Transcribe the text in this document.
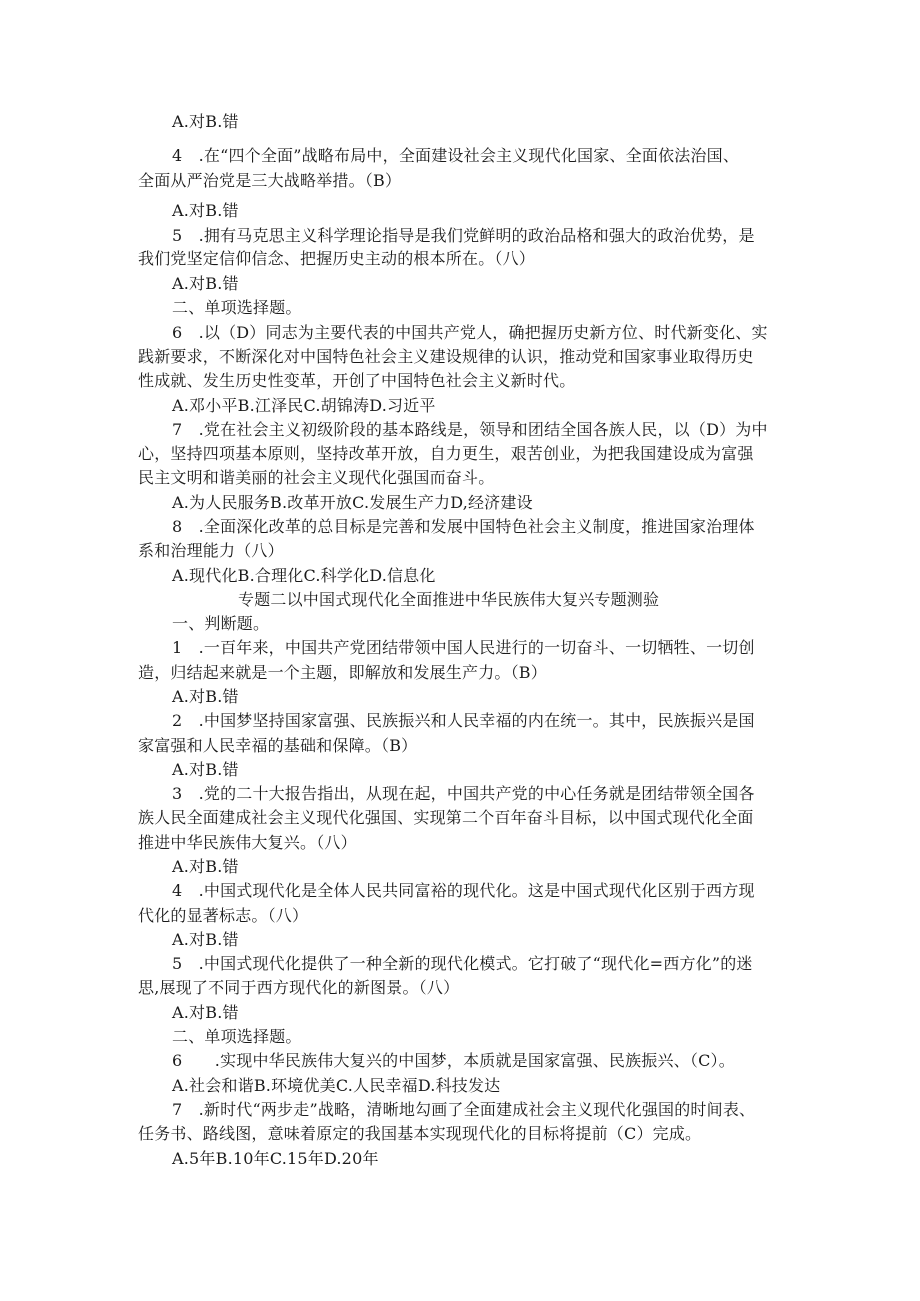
A.对B.错
4　.在“四个全面”战略布局中，全面建设社会主义现代化国家、全面依法治国、
全面从严治党是三大战略举措。（B）
A.对B.错
5　.拥有马克思主义科学理论指导是我们党鲜明的政治品格和强大的政治优势，是
我们党坚定信仰信念、把握历史主动的根本所在。（八）
A.对B.错
二、单项选择题。
6　.以（D）同志为主要代表的中国共产党人，确把握历史新方位、时代新变化、实
践新要求，不断深化对中国特色社会主义建设规律的认识，推动党和国家事业取得历史
性成就、发生历史性变革，开创了中国特色社会主义新时代。
A.邓小平B.江泽民C.胡锦涛D.习近平
7　.党在社会主义初级阶段的基本路线是，领导和团结全国各族人民，以（D）为中
心，坚持四项基本原则，坚持改革开放，自力更生，艰苦创业，为把我国建设成为富强
民主文明和谐美丽的社会主义现代化强国而奋斗。
A.为人民服务B.改革开放C.发展生产力D,经济建设
8　.全面深化改革的总目标是完善和发展中国特色社会主义制度，推进国家治理体
系和治理能力（八）
A.现代化B.合理化C.科学化D.信息化
专题二以中国式现代化全面推进中华民族伟大复兴专题测验
一、判断题。
1　.一百年来，中国共产党团结带领中国人民进行的一切奋斗、一切牺牲、一切创
造，归结起来就是一个主题，即解放和发展生产力。（B）
A.对B.错
2　.中国梦坚持国家富强、民族振兴和人民幸福的内在统一。其中，民族振兴是国
家富强和人民幸福的基础和保障。（B）
A.对B.错
3　.党的二十大报告指出，从现在起，中国共产党的中心任务就是团结带领全国各
族人民全面建成社会主义现代化强国、实现第二个百年奋斗目标，以中国式现代化全面
推进中华民族伟大复兴。（八）
A.对B.错
4　.中国式现代化是全体人民共同富裕的现代化。这是中国式现代化区别于西方现
代化的显著标志。（八）
A.对B.错
5　.中国式现代化提供了一种全新的现代化模式。它打破了“现代化=西方化”的迷
思,展现了不同于西方现代化的新图景。（八）
A.对B.错
二、单项选择题。
6　　.实现中华民族伟大复兴的中国梦，本质就是国家富强、民族振兴、（C）。
A.社会和谐B.环境优美C.人民幸福D.科技发达
7　.新时代“两步走”战略，清晰地勾画了全面建成社会主义现代化强国的时间表、
任务书、路线图，意味着原定的我国基本实现现代化的目标将提前（C）完成。
A.5年B.10年C.15年D.20年
